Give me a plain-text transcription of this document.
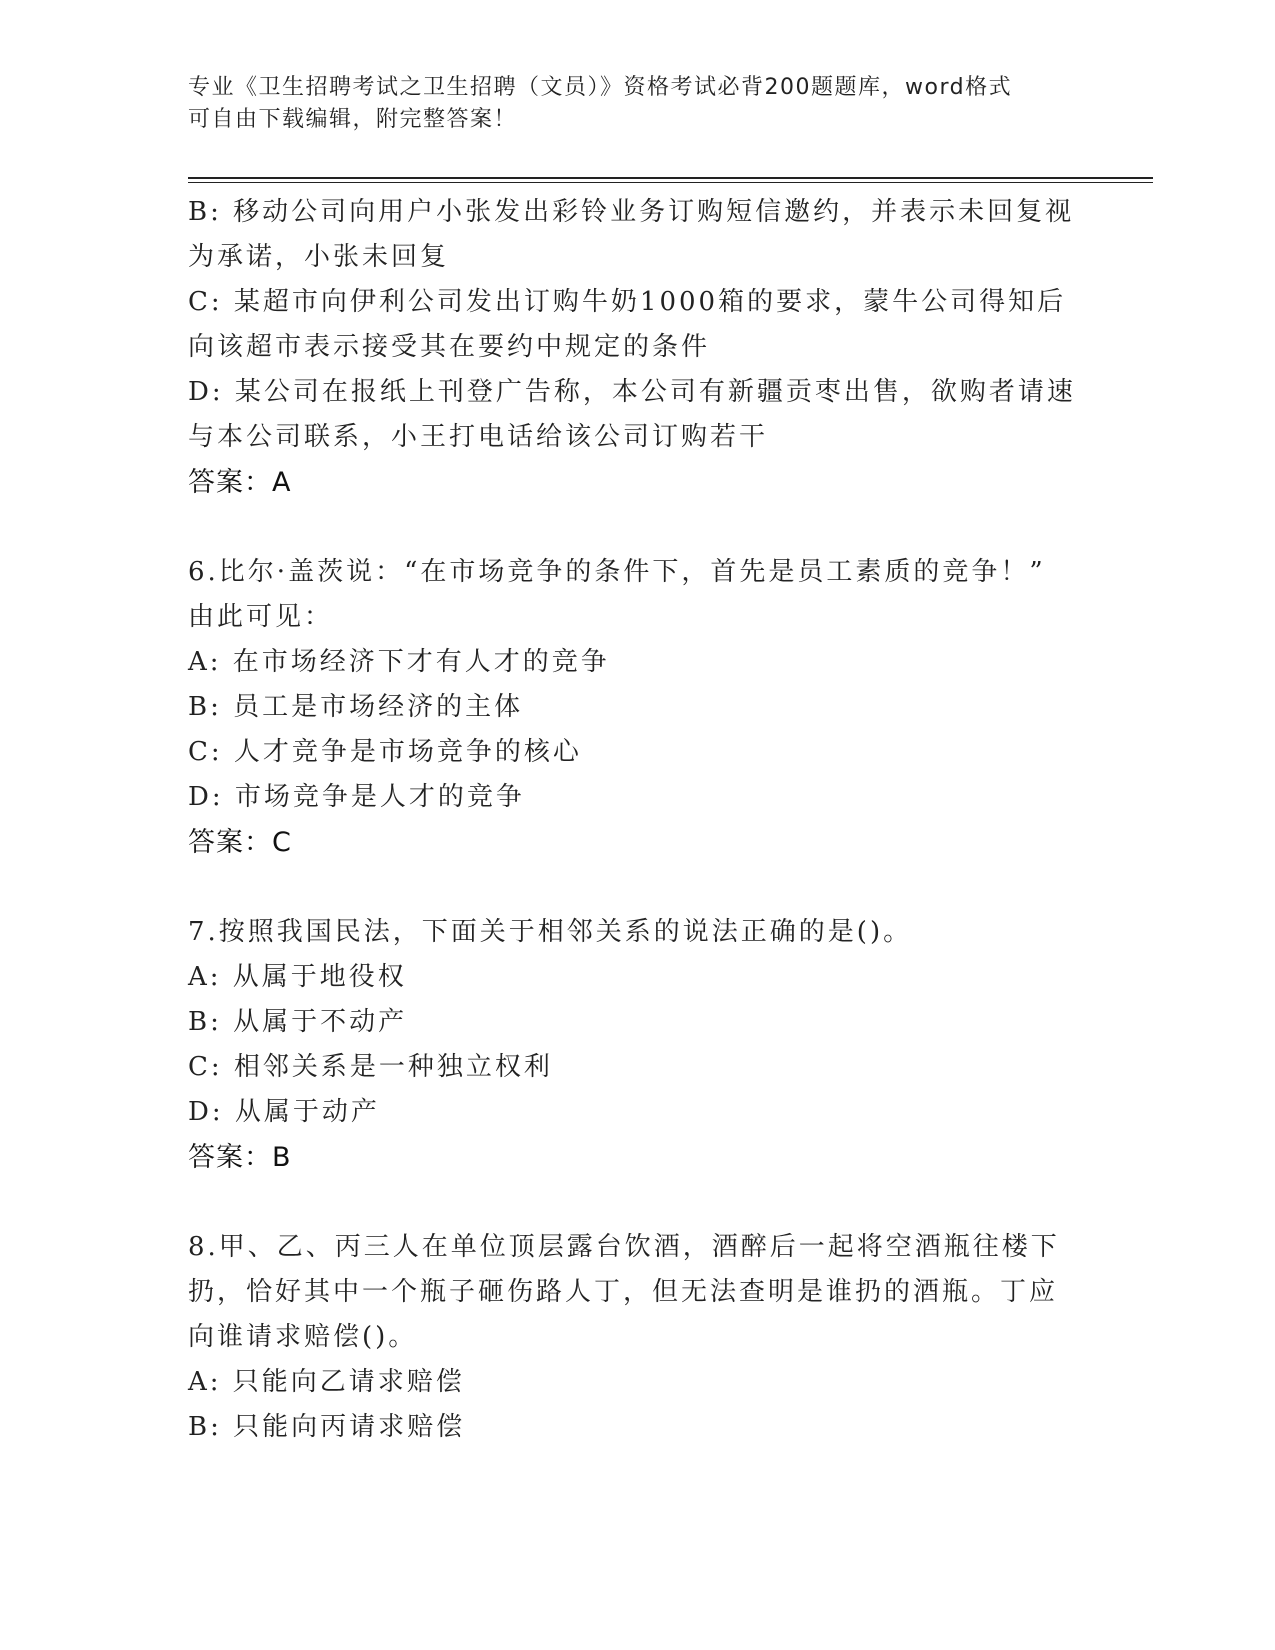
专业《卫生招聘考试之卫生招聘（文员）》资格考试必背200题题库，word格式
可自由下载编辑，附完整答案！
B: 移动公司向用户小张发出彩铃业务订购短信邀约，并表示未回复视
为承诺，小张未回复
C: 某超市向伊利公司发出订购牛奶1000箱的要求，蒙牛公司得知后
向该超市表示接受其在要约中规定的条件
D: 某公司在报纸上刊登广告称，本公司有新疆贡枣出售，欲购者请速
与本公司联系，小王打电话给该公司订购若干
答案：A
6.比尔·盖茨说：“在市场竞争的条件下，首先是员工素质的竞争！”
由此可见：
A: 在市场经济下才有人才的竞争
B: 员工是市场经济的主体
C: 人才竞争是市场竞争的核心
D: 市场竞争是人才的竞争
答案：C
7.按照我国民法，下面关于相邻关系的说法正确的是()。
A: 从属于地役权
B: 从属于不动产
C: 相邻关系是一种独立权利
D: 从属于动产
答案：B
8.甲、乙、丙三人在单位顶层露台饮酒，酒醉后一起将空酒瓶往楼下
扔，恰好其中一个瓶子砸伤路人丁，但无法查明是谁扔的酒瓶。丁应
向谁请求赔偿()。
A: 只能向乙请求赔偿
B: 只能向丙请求赔偿
